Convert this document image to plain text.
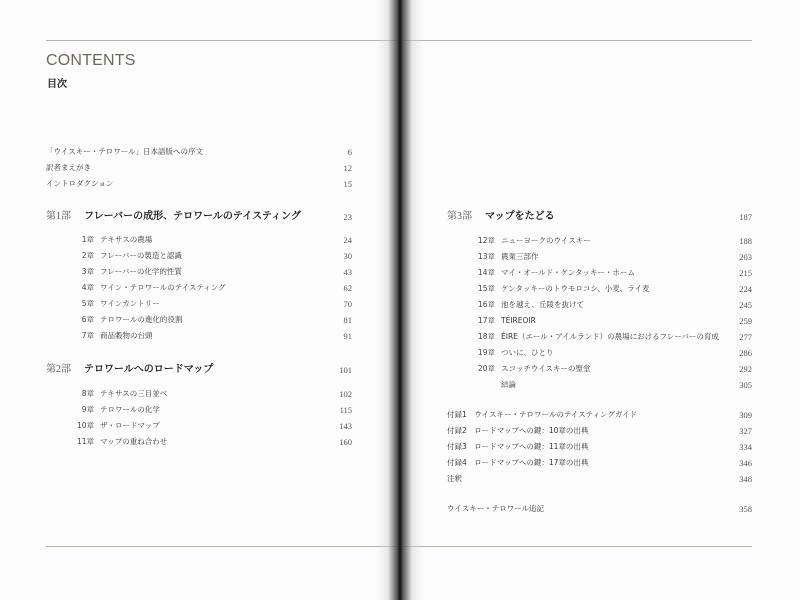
CONTENTS
目次
「ウイスキー・テロワール」日本語版への序文	6
訳者まえがき	12
イントロダクション	15
第1部 フレーバーの成形、テロワールのテイスティング	23
1章 テキサスの農場	24
2章 フレーバーの製造と認識	30
3章 フレーバーの化学的性質	43
4章 ワイン・テロワールのテイスティング	62
5章 ワインカントリー	70
6章 テロワールの進化的役割	81
7章 商品穀物の台頭	91
第2部 テロワールへのロードマップ	101
8章 テキサスの三目並べ	102
9章 テロワールの化学	115
10章 ザ・ロードマップ	143
11章 マップの重ね合わせ	160
第3部 マップをたどる	187
12章 ニューヨークのウイスキー	188
13章 農業三部作	203
14章 マイ・オールド・ケンタッキー・ホーム	215
15章 ケンタッキーのトウモロコシ、小麦、ライ麦	224
16章 池を越え、丘陵を抜けて	245
17章 TÉIREOIR	259
18章 ÉIRE（エール・アイルランド）の農場におけるフレーバーの育成 277
19章 ついに、ひとり	286
20章 スコッチウイスキーの聖堂	292
結論	305
付録1　ウイスキー・テロワールのテイスティングガイド	309
付録2　ロードマップへの鍵：10章の出典	327
付録3　ロードマップへの鍵：11章の出典	334
付録4　ロードマップへの鍵：17章の出典	346
注釈	348
ウイスキー・テロワール追記	358
